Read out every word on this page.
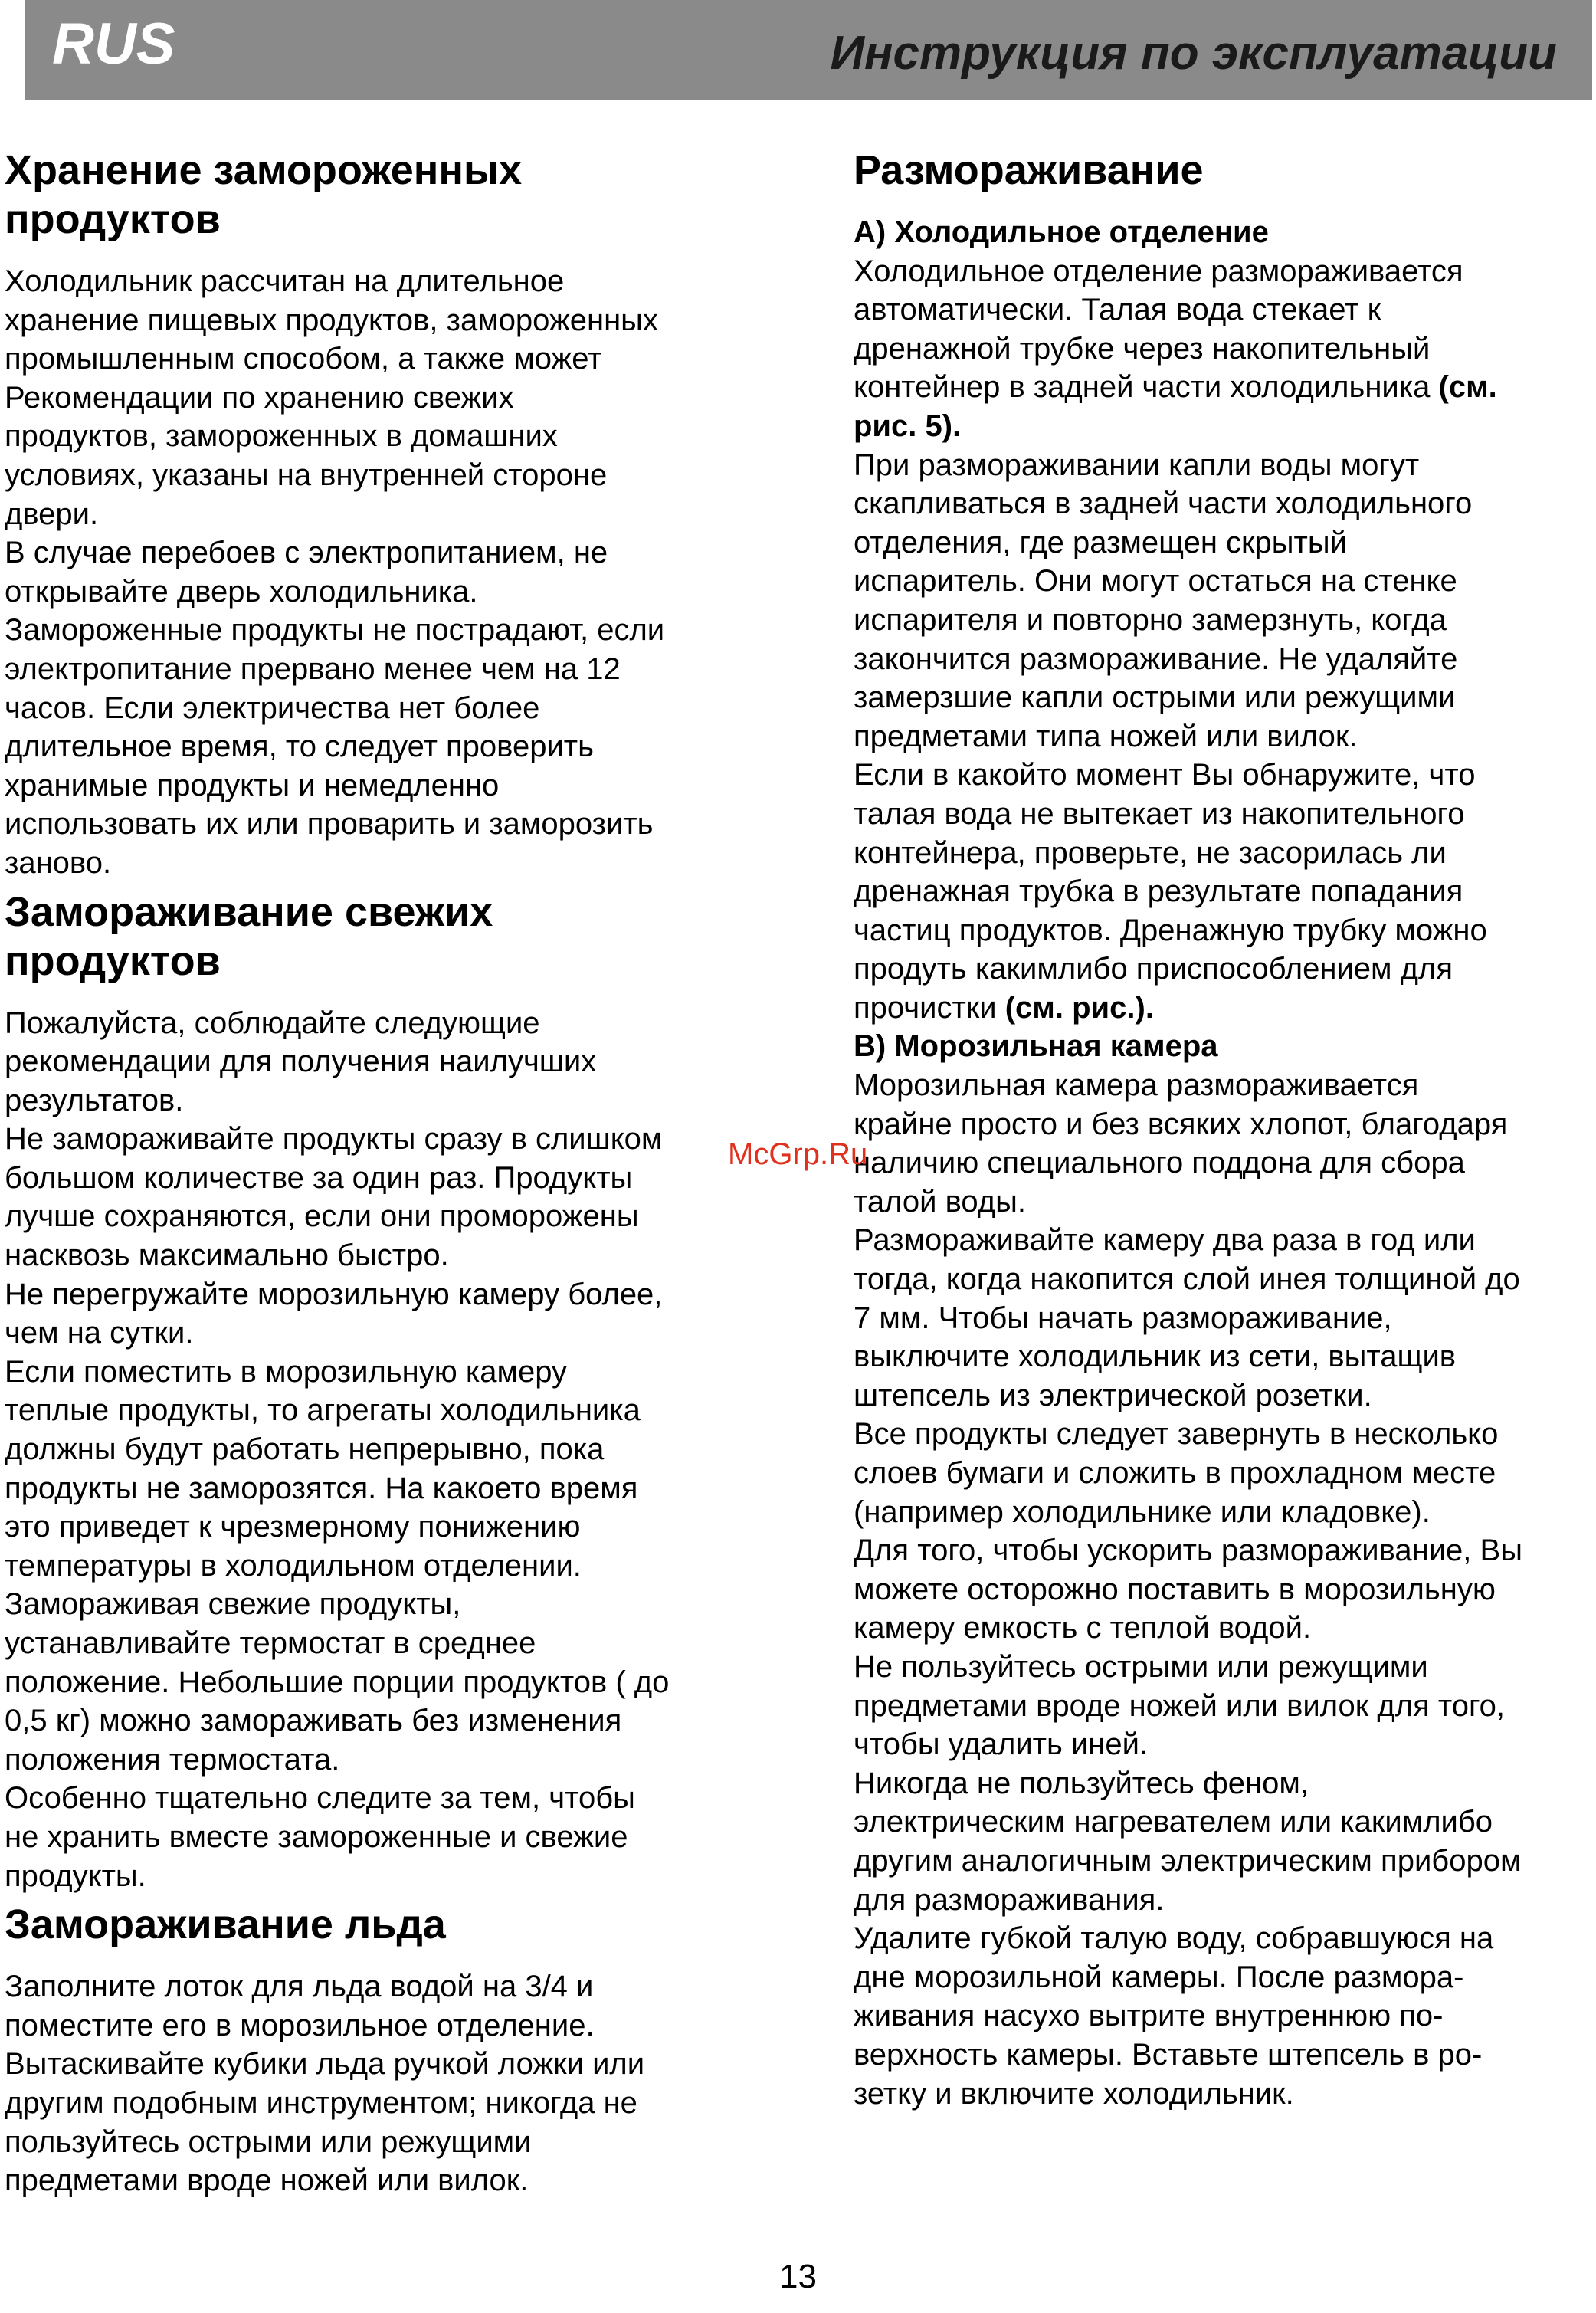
RUS	Инструкция по эксплуатации
Хранение замороженных
продуктов

Холодильник рассчитан на длительное

хранение пищевых продуктов, замороженных

промышленным способом, а также может

Рекомендации по хранению свежих

продуктов, замороженных в домашних

условиях, указаны на внутренней стороне

двери.

В случае перебоев с электропитанием, не

открывайте дверь холодильника.

Замороженные продукты не пострадают, если

электропитание прервано менее чем на 12

часов. Если электричества нет более

длительное время, то следует проверить

хранимые продукты и немедленно

использовать их или проварить и заморозить

заново.

Замораживание свежих
продуктов

Пожалуйста, соблюдайте следующие

рекомендации для получения наилучших

результатов.

Не замораживайте продукты сразу в слишком

большом количестве за один раз. Продукты

лучше сохраняются, если они проморожены

насквозь максимально быстро.

Не перегружайте морозильную камеру более,

чем на сутки.

Если поместить в морозильную камеру

теплые продукты, то агрегаты холодильника

должны будут работать непрерывно, пока

продукты не заморозятся. На какоето время

это приведет к чрезмерному понижению

температуры в холодильном отделении.

Замораживая свежие продукты,

устанавливайте термостат в среднее

положение. Небольшие порции продуктов ( до

0,5 кг) можно замораживать без изменения

положения термостата.

Особенно тщательно следите за тем, чтобы

не хранить вместе замороженные и свежие

продукты.

Замораживание льда

Заполните лоток для льда водой на 3/4 и

поместите его в морозильное отделение.

Вытаскивайте кубики льда ручкой ложки или

другим подобным инструментом; никогда не

пользуйтесь острыми или режущими

предметами вроде ножей или вилок.

Размораживание
A) Холодильное отделение

Холодильное отделение размораживается

автоматически. Талая вода стекает к

дренажной трубке через накопительный

контейнер в задней части холодильника (см.

рис. 5).

При размораживании капли воды могут

скапливаться в задней части холодильного

отделения, где размещен скрытый

испаритель. Они могут остаться на стенке

испарителя и повторно замерзнуть, когда

закончится размораживание. Не удаляйте

замерзшие капли острыми или режущими

предметами типа ножей или вилок.

Если в какойто момент Вы обнаружите, что

талая вода не вытекает из накопительного

контейнера, проверьте, не засорилась ли

дренажная трубка в результате попадания

частиц продуктов. Дренажную трубку можно

продуть какимлибо приспособлением для

прочистки (см. рис.).

B) Морозильная камера

Морозильная камера размораживается

крайне просто и без всяких хлопот, благодаря

наличию специального поддона для сбора

талой воды.

Размораживайте камеру два раза в год или

тогда, когда накопится слой инея толщиной до

7 мм. Чтобы начать размораживание,

выключите холодильник из сети, вытащив

штепсель из электрической розетки.

Все продукты следует завернуть в несколько

слоев бумаги и сложить в прохладном месте

(например холодильнике или кладовке).

Для того, чтобы ускорить размораживание, Вы

можете осторожно поставить в морозильную

камеру емкость с теплой водой.

Не пользуйтесь острыми или режущими

предметами вроде ножей или вилок для того,

чтобы удалить иней.

Никогда не пользуйтесь феном,

электрическим нагревателем или какимлибо

другим аналогичным электрическим прибором

для размораживания.

Удалите губкой талую воду, собравшуюся на

дне морозильной камеры. После размора-

живания насухо вытрите внутреннюю по-

верхность камеры. Вставьте штепсель в ро-

зетку и включите холодильник.

McGrp.Ru
13
